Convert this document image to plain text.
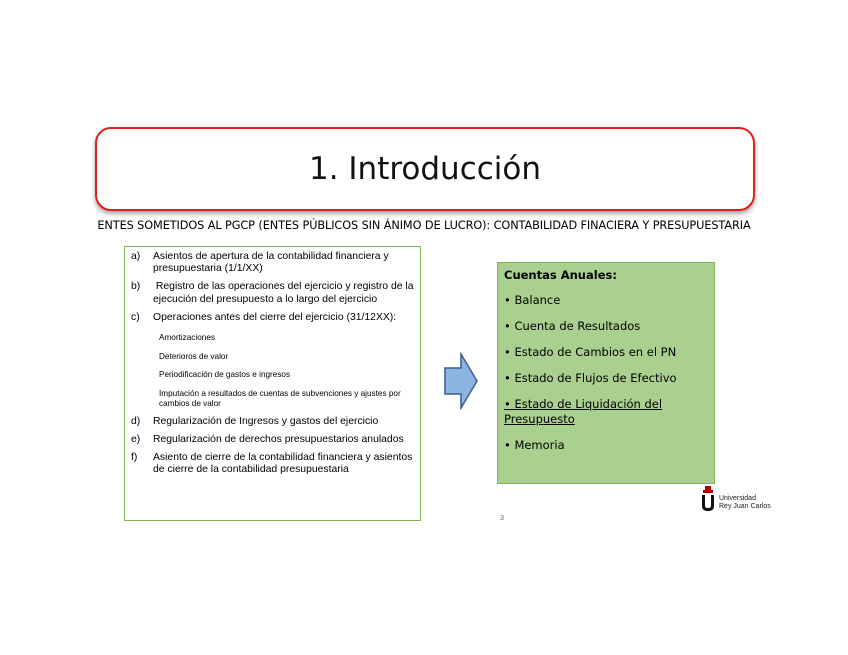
1. Introducción
ENTES SOMETIDOS AL PGCP (ENTES PÚBLICOS SIN ÁNIMO DE LUCRO): CONTABILIDAD FINACIERA Y PRESUPUESTARIA
a)	Asientos de apertura de la contabilidad financiera y presupuestaria (1/1/XX)
b)	Registro de las operaciones del ejercicio y registro de la ejecución del presupuesto a lo largo del ejercicio
c)	Operaciones antes del cierre del ejercicio (31/12XX):
Amortizaciones
Deterioros de valor
Periodificación de gastos e ingresos
Imputación a resultados de cuentas de subvenciones y ajustes por cambios de valor
d)	Regularización de Ingresos y gastos del ejercicio
e)	Regularización de derechos presupuestarios anulados
f)	Asiento de cierre de la contabilidad financiera y asientos de cierre de la contabilidad presupuestaria
Cuentas Anuales:
• Balance
• Cuenta de Resultados
• Estado de Cambios en el PN
• Estado de Flujos de Efectivo
• Estado de Liquidación del Presupuesto
• Memoria
3
Universidad
Rey Juan Carlos
